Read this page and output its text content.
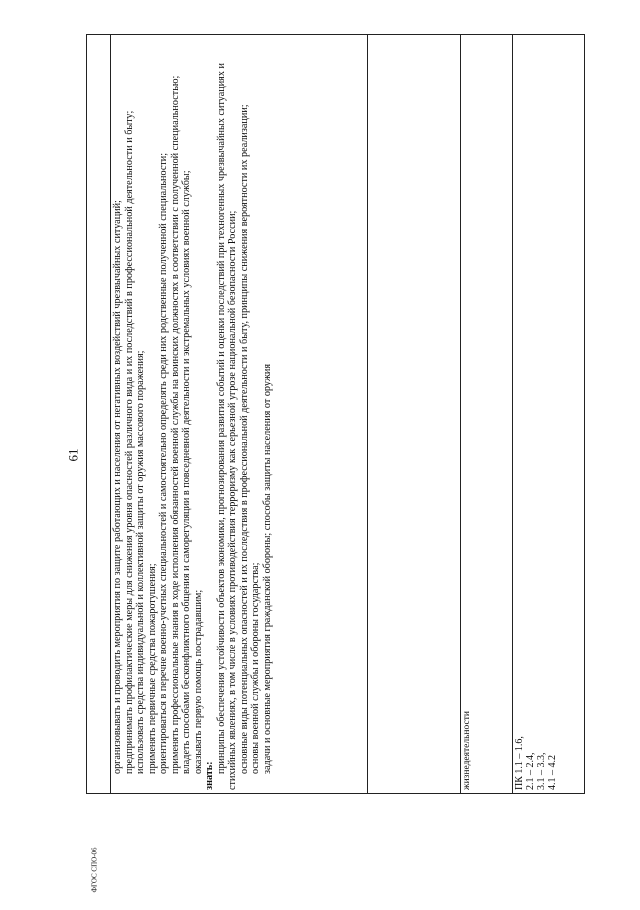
61
ФГОС СПО-06

организовывать и проводить мероприятия по защите работающих и населения от негативных воздействий чрезвычайных ситуаций; предпринимать профилактические меры для снижения уровня опасностей различного вида и их последствий в профессиональной деятельности и быту; использовать средства индивидуальной и коллективной защиты от оружия массового поражения; применять первичные средства пожаротушения; ориентироваться в перечне военно-учетных специальностей и самостоятельно определять среди них родственные полученной специальности; применять профессиональные знания в ходе исполнения обязанностей военной службы на воинских должностях в соответствии с полученной специальностью; владеть способами бесконфликтного общения и саморегуляции в повседневной деятельности и экстремальных условиях военной службы; оказывать первую помощь пострадавшим;

знать:

принципы обеспечения устойчивости объектов экономики, прогнозирования развития событий и оценки последствий при техногенных чрезвычайных ситуациях и стихийных явлениях, в том числе в условиях противодействия терроризму как серьезной угрозе национальной безопасности России; основные виды потенциальных опасностей и их последствия в профессиональной деятельности и быту, принципы снижения вероятности их реализации; основы военной службы и обороны государства; задачи и основные мероприятия гражданской обороны; способы защиты населения от оружия	жизнедеятельности	ПК 1.1 – 1.6, 2.1 – 2.4, 3.1 – 3.3, 4.1 – 4.2
